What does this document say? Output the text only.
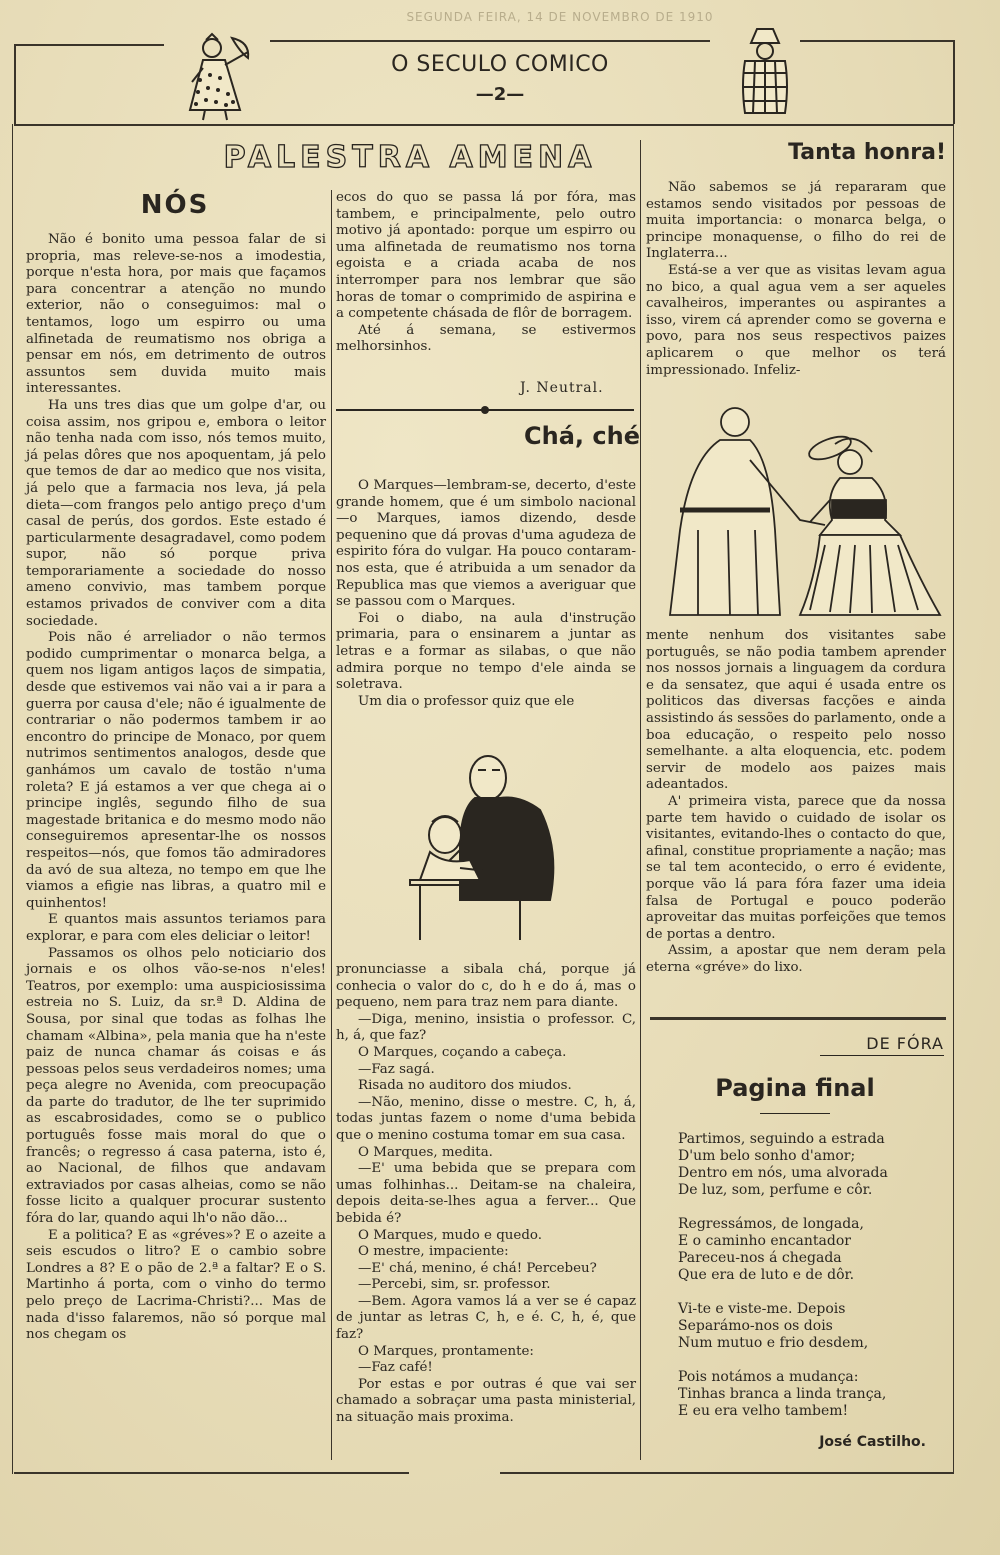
SEGUNDA FEIRA, 14 DE NOVEMBRO DE 1910
O SECULO COMICO
—2—
PALESTRA AMENA
NÓS

Não é bonito uma pessoa falar de si propria, mas releve-se-nos a imodestia, porque n'esta hora, por mais que façamos para concentrar a atenção no mundo exterior, não o conseguimos: mal o tentamos, logo um espirro ou uma alfinetada de reumatismo nos obriga a pensar em nós, em detrimento de outros assuntos sem duvida muito mais interessantes.

Ha uns tres dias que um golpe d'ar, ou coisa assim, nos gripou e, embora o leitor não tenha nada com isso, nós temos muito, já pelas dôres que nos apoquentam, já pelo que temos de dar ao medico que nos visita, já pelo que a farmacia nos leva, já pela dieta—com frangos pelo antigo preço d'um casal de perús, dos gordos. Este estado é particularmente desagradavel, como podem supor, não só porque priva temporariamente a sociedade do nosso ameno convivio, mas tambem porque estamos privados de conviver com a dita sociedade.

Pois não é arreliador o não termos podido cumprimentar o monarca belga, a quem nos ligam antigos laços de simpatia, desde que estivemos vai não vai a ir para a guerra por causa d'ele; não é igualmente de contrariar o não podermos tambem ir ao encontro do principe de Monaco, por quem nutrimos sentimentos analogos, desde que ganhámos um cavalo de tostão n'uma roleta? E já estamos a ver que chega ai o principe inglês, segundo filho de sua magestade britanica e do mesmo modo não conseguiremos apresentar-lhe os nossos respeitos—nós, que fomos tão admiradores da avó de sua alteza, no tempo em que lhe viamos a efigie nas libras, a quatro mil e quinhentos!

E quantos mais assuntos teriamos para explorar, e para com eles deliciar o leitor!

Passamos os olhos pelo noticiario dos jornais e os olhos vão-se-nos n'eles! Teatros, por exemplo: uma auspiciosissima estreia no S. Luiz, da sr.ª D. Aldina de Sousa, por sinal que todas as folhas lhe chamam «Albina», pela mania que ha n'este paiz de nunca chamar ás coisas e ás pessoas pelos seus verdadeiros nomes; uma peça alegre no Avenida, com preocupação da parte do tradutor, de lhe ter suprimido as escabrosidades, como se o publico português fosse mais moral do que o francês; o regresso á casa paterna, isto é, ao Nacional, de filhos que andavam extraviados por casas alheias, como se não fosse licito a qualquer procurar sustento fóra do lar, quando aqui lh'o não dão...

E a politica? E as «gréves»? E o azeite a seis escudos o litro? E o cambio sobre Londres a 8? E o pão de 2.ª a faltar? E o S. Martinho á porta, com o vinho do termo pelo preço de Lacrima-Christi?... Mas de nada d'isso falaremos, não só porque mal nos chegam os

ecos do quo se passa lá por fóra, mas tambem, e principalmente, pelo outro motivo já apontado: porque um espirro ou uma alfinetada de reumatismo nos torna egoista e a criada acaba de nos interromper para nos lembrar que são horas de tomar o comprimido de aspirina e a competente chásada de flôr de borragem.

Até á semana, se estivermos melhorsinhos.

J. Neutral.
Chá, ché

O Marques—lembram-se, decerto, d'este grande homem, que é um simbolo nacional—o Marques, iamos dizendo, desde pequenino que dá provas d'uma agudeza de espirito fóra do vulgar. Ha pouco contaram-nos esta, que é atribuida a um senador da Republica mas que viemos a averiguar que se passou com o Marques.

Foi o diabo, na aula d'instrução primaria, para o ensinarem a juntar as letras e a formar as silabas, o que não admira porque no tempo d'ele ainda se soletrava.

Um dia o professor quiz que ele

pronunciasse a sibala chá, porque já conhecia o valor do c, do h e do á, mas o pequeno, nem para traz nem para diante.

—Diga, menino, insistia o professor. C, h, á, que faz?

O Marques, coçando a cabeça.

—Faz sagá.

Risada no auditoro dos miudos.

—Não, menino, disse o mestre. C, h, á, todas juntas fazem o nome d'uma bebida que o menino costuma tomar em sua casa.

O Marques, medita.

—E' uma bebida que se prepara com umas folhinhas... Deitam-se na chaleira, depois deita-se-lhes agua a ferver... Que bebida é?

O Marques, mudo e quedo.

O mestre, impaciente:

—E' chá, menino, é chá! Percebeu?

—Percebi, sim, sr. professor.

—Bem. Agora vamos lá a ver se é capaz de juntar as letras C, h, e é. C, h, é, que faz?

O Marques, prontamente:

—Faz café!

Por estas e por outras é que vai ser chamado a sobraçar uma pasta ministerial, na situação mais proxima.

Tanta honra!

Não sabemos se já repararam que estamos sendo visitados por pessoas de muita importancia: o monarca belga, o principe monaquense, o filho do rei de Inglaterra...

Está-se a ver que as visitas levam agua no bico, a qual agua vem a ser aqueles cavalheiros, imperantes ou aspirantes a isso, virem cá aprender como se governa e povo, para nos seus respectivos paizes aplicarem o que melhor os terá impressionado. Infeliz-

mente nenhum dos visitantes sabe português, se não podia tambem aprender nos nossos jornais a linguagem da cordura e da sensatez, que aqui é usada entre os politicos das diversas facções e ainda assistindo ás sessões do parlamento, onde a boa educação, o respeito pelo nosso semelhante. a alta eloquencia, etc. podem servir de modelo aos paizes mais adeantados.

A' primeira vista, parece que da nossa parte tem havido o cuidado de isolar os visitantes, evitando-lhes o contacto do que, afinal, constitue propriamente a nação; mas se tal tem acontecido, o erro é evidente, porque vão lá para fóra fazer uma ideia falsa de Portugal e pouco poderão aproveitar das muitas porfeições que temos de portas a dentro.

Assim, a apostar que nem deram pela eterna «gréve» do lixo.

DE FÓRA
Pagina final
Partimos, seguindo a estrada
D'um belo sonho d'amor;
Dentro em nós, uma alvorada
De luz, som, perfume e côr.
Regressámos, de longada,
E o caminho encantador
Pareceu-nos á chegada
Que era de luto e de dôr.
Vi-te e viste-me. Depois
Separámo-nos os dois
Num mutuo e frio desdem,
Pois notámos a mudança:
Tinhas branca a linda trança,
E eu era velho tambem!
José Castilho.
